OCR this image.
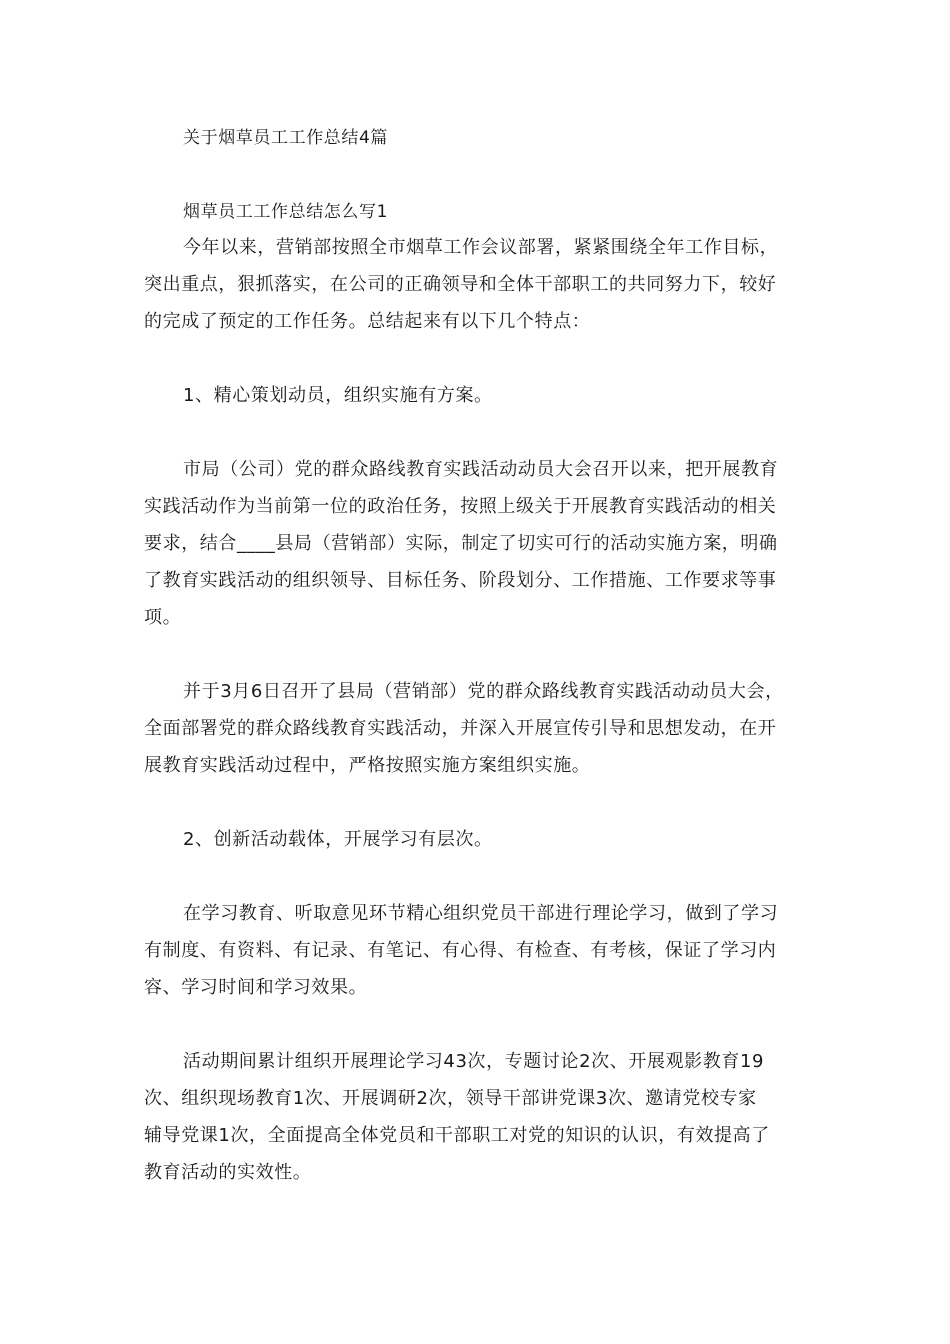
关于烟草员工工作总结4篇

烟草员工工作总结怎么写1

今年以来，营销部按照全市烟草工作会议部署，紧紧围绕全年工作目标，

突出重点，狠抓落实，在公司的正确领导和全体干部职工的共同努力下，较好

的完成了预定的工作任务。总结起来有以下几个特点：

1、精心策划动员，组织实施有方案。

市局（公司）党的群众路线教育实践活动动员大会召开以来，把开展教育

实践活动作为当前第一位的政治任务，按照上级关于开展教育实践活动的相关

要求，结合____县局（营销部）实际，制定了切实可行的活动实施方案，明确

了教育实践活动的组织领导、目标任务、阶段划分、工作措施、工作要求等事

项。

并于3月6日召开了县局（营销部）党的群众路线教育实践活动动员大会，

全面部署党的群众路线教育实践活动，并深入开展宣传引导和思想发动，在开

展教育实践活动过程中，严格按照实施方案组织实施。

2、创新活动载体，开展学习有层次。

在学习教育、听取意见环节精心组织党员干部进行理论学习，做到了学习

有制度、有资料、有记录、有笔记、有心得、有检查、有考核，保证了学习内

容、学习时间和学习效果。

活动期间累计组织开展理论学习43次，专题讨论2次、开展观影教育19

次、组织现场教育1次、开展调研2次，领导干部讲党课3次、邀请党校专家

辅导党课1次，全面提高全体党员和干部职工对党的知识的认识，有效提高了

教育活动的实效性。
